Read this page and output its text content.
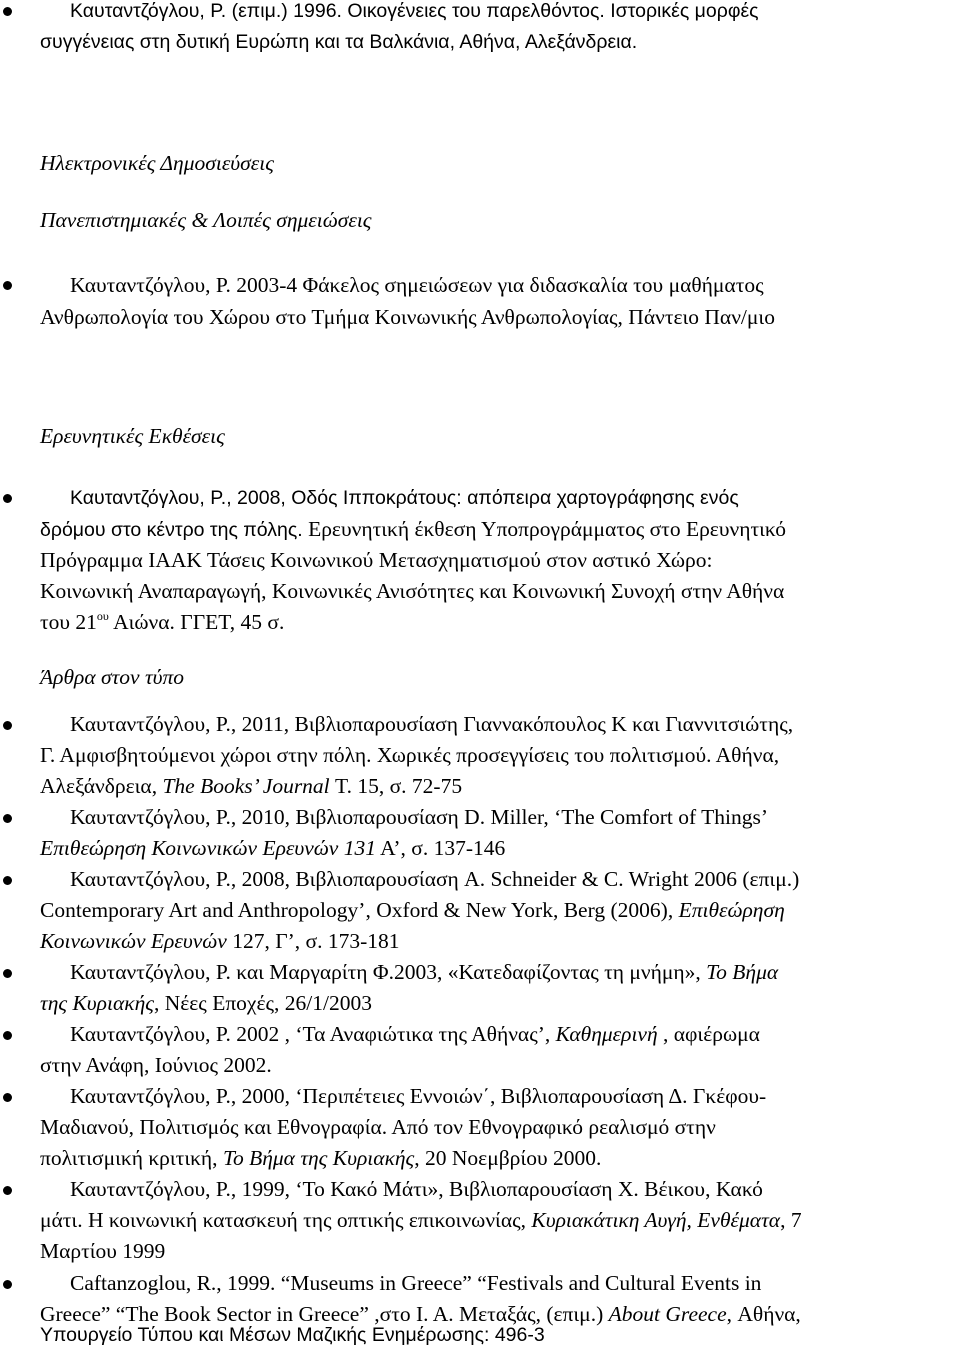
Καυταντζόγλου, Ρ. (επιμ.) 1996. Οικογένειες του παρελθόντος. Ιστορικές μορφές
συγγένειας στη δυτική Ευρώπη και τα Βαλκάνια, Αθήνα, Αλεξάνδρεια.
Ηλεκτρονικές Δημοσιεύσεις
Πανεπιστημιακές & Λοιπές σημειώσεις
Καυταντζόγλου, Ρ. 2003-4 Φάκελος σημειώσεων για διδασκαλία του μαθήματος
Ανθρωπολογία του Χώρου στο Τμήμα Κοινωνικής Ανθρωπολογίας, Πάντειο Παν/μιο
Ερευνητικές Εκθέσεις
Καυταντζόγλου, Ρ., 2008, Οδός Ιπποκράτους: απόπειρα χαρτογράφησης ενός
δρόμου στο κέντρο της πόλης. Ερευνητική έκθεση Υποπρογράμματος στο Ερευνητικό
Πρόγραμμα ΙΑΑΚ Τάσεις Κοινωνικού Μετασχηματισμού στον αστικό Χώρο:
Κοινωνική Αναπαραγωγή, Κοινωνικές Ανισότητες και Κοινωνική Συνοχή στην Αθήνα
του $21^{o\upsilon}$ Αιώνα. ΓΓΕΤ, 45 σ.
Άρθρα στον τύπο
Καυταντζόγλου, Ρ., 2011, Βιβλιοπαρουσίαση Γιαννακόπουλος Κ και Γιαννιτσιώτης,
Γ. Αμφισβητούμενοι χώροι στην πόλη. Χωρικές προσεγγίσεις του πολιτισμού. Αθήνα,
Αλεξάνδρεια, The Books’ Journal Τ. 15, σ. 72-75
Καυταντζόγλου, Ρ., 2010, Βιβλιοπαρουσίαση D. Miller, ‘The Comfort of Things’
Επιθεώρηση Κοινωνικών Ερευνών 131 Α’, σ. 137-146
Καυταντζόγλου, Ρ., 2008, Βιβλιοπαρουσίαση A. Schneider & C. Wright 2006 (επιμ.)
Contemporary Art and Anthropology’, Oxford & New York, Berg (2006), Επιθεώρηση
Κοινωνικών Ερευνών 127, Γ’, σ. 173-181
Καυταντζόγλου, Ρ. και Μαργαρίτη Φ.2003, «Κατεδαφίζοντας τη μνήμη», Το Βήμα
της Κυριακής, Νέες Εποχές, 26/1/2003
Καυταντζόγλου, Ρ. 2002 , ‘Τα Αναφιώτικα της Αθήνας’, Καθημερινή , αφιέρωμα
στην Ανάφη, Ιούνιος 2002.
Καυταντζόγλου, Ρ., 2000, ‘Περιπέτειες Εννοιών΄, Βιβλιοπαρουσίαση Δ. Γκέφου-
Μαδιανού, Πολιτισμός και Εθνογραφία. Από τον Εθνογραφικό ρεαλισμό στην
πολιτισμική κριτική, Το Βήμα της Κυριακής, 20 Νοεμβρίου 2000.
Καυταντζόγλου, Ρ., 1999, ‘Το Κακό Μάτι», Βιβλιοπαρουσίαση Χ. Βέικου, Κακό
μάτι. Η κοινωνική κατασκευή της οπτικής επικοινωνίας, Κυριακάτικη Αυγή, Ενθέματα, 7
Μαρτίου 1999
Caftanzoglou, R., 1999. “Museums in Greece” “Festivals and Cultural Events in
Greece” “The Book Sector in Greece” ,στο Ι. Α. Μεταξάς, (επιμ.) About Greece, Αθήνα,
Υπουργείο Τύπου και Μέσων Μαζικής Ενημέρωσης: 496-3
